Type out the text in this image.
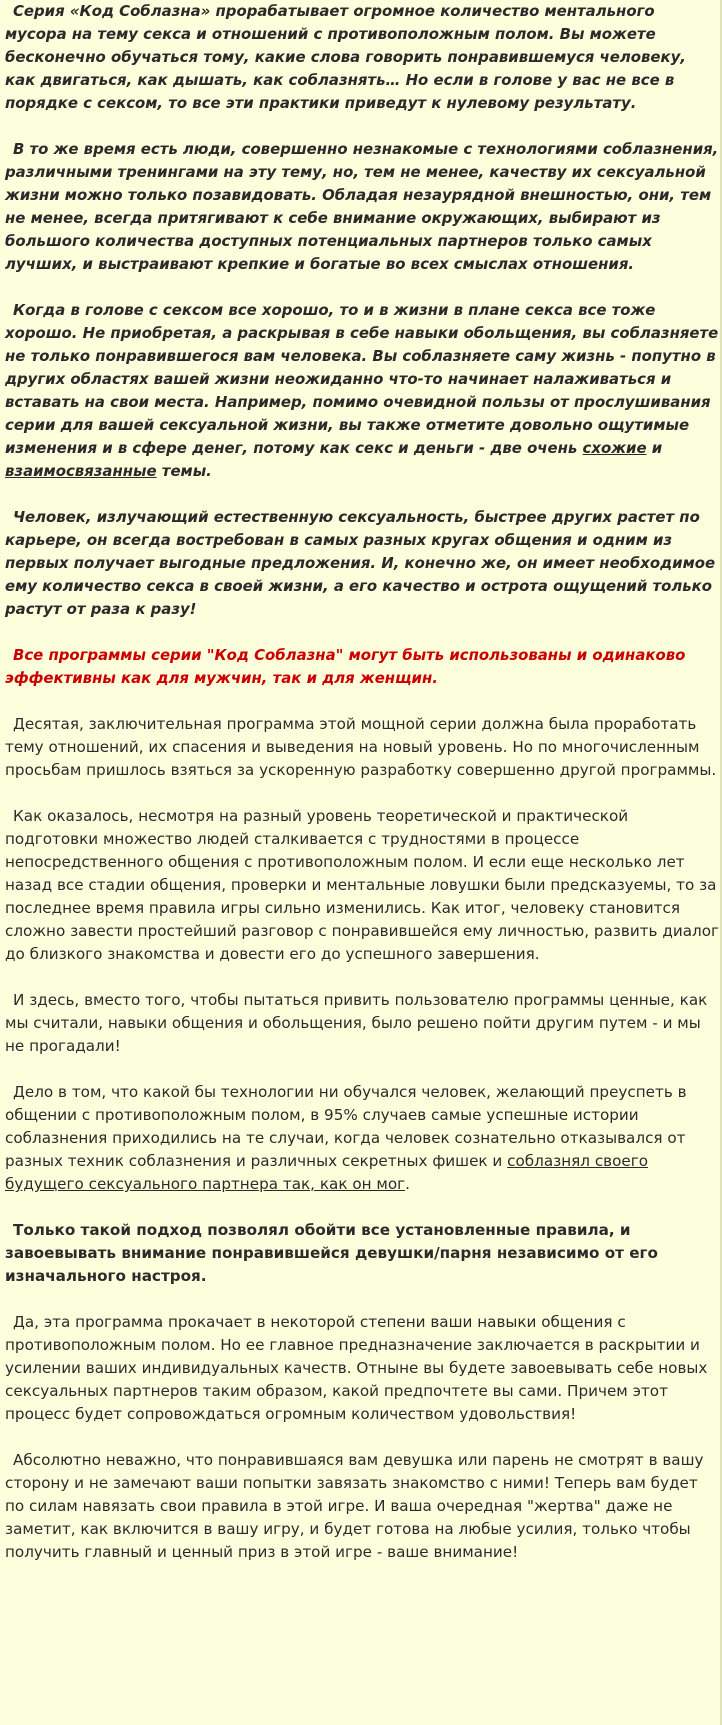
Серия «Код Соблазна» прорабатывает огромное количество ментального мусора на тему секса и отношений с противоположным полом. Вы можете бесконечно обучаться тому, какие слова говорить понравившемуся человеку, как двигаться, как дышать, как соблазнять… Но если в голове у вас не все в порядке с сексом, то все эти практики приведут к нулевому результату.

В то же время есть люди, совершенно незнакомые с технологиями соблазнения, различными тренингами на эту тему, но, тем не менее, качеству их сексуальной жизни можно только позавидовать. Обладая незаурядной внешностью, они, тем не менее, всегда притягивают к себе внимание окружающих, выбирают из большого количества доступных потенциальных партнеров только самых лучших, и выстраивают крепкие и богатые во всех смыслах отношения.

Когда в голове с сексом все хорошо, то и в жизни в плане секса все тоже хорошо. Не приобретая, а раскрывая в себе навыки обольщения, вы соблазняете не только понравившегося вам человека. Вы соблазняете саму жизнь - попутно в других областях вашей жизни неожиданно что-то начинает налаживаться и вставать на свои места. Например, помимо очевидной пользы от прослушивания серии для вашей сексуальной жизни, вы также отметите довольно ощутимые изменения и в сфере денег, потому как секс и деньги - две очень схожие и взаимосвязанные темы.

Человек, излучающий естественную сексуальность, быстрее других растет по карьере, он всегда востребован в самых разных кругах общения и одним из первых получает выгодные предложения. И, конечно же, он имеет необходимое ему количество секса в своей жизни, а его качество и острота ощущений только растут от раза к разу!

Все программы серии "Код Соблазна" могут быть использованы и одинаково эффективны как для мужчин, так и для женщин.

Десятая, заключительная программа этой мощной серии должна была проработать тему отношений, их спасения и выведения на новый уровень. Но по многочисленным просьбам пришлось взяться за ускоренную разработку совершенно другой программы.

Как оказалось, несмотря на разный уровень теоретической и практической подготовки множество людей сталкивается с трудностями в процессе непосредственного общения с противоположным полом. И если еще несколько лет назад все стадии общения, проверки и ментальные ловушки были предсказуемы, то за последнее время правила игры сильно изменились. Как итог, человеку становится сложно завести простейший разговор с понравившейся ему личностью, развить диалог до близкого знакомства и довести его до успешного завершения.

И здесь, вместо того, чтобы пытаться привить пользователю программы ценные, как мы считали, навыки общения и обольщения, было решено пойти другим путем - и мы не прогадали!

Дело в том, что какой бы технологии ни обучался человек, желающий преуспеть в общении с противоположным полом, в 95% случаев самые успешные истории соблазнения приходились на те случаи, когда человек сознательно отказывался от разных техник соблазнения и различных секретных фишек и соблазнял своего будущего сексуального партнера так, как он мог.

Только такой подход позволял обойти все установленные правила, и завоевывать внимание понравившейся девушки/парня независимо от его изначального настроя.

Да, эта программа прокачает в некоторой степени ваши навыки общения с противоположным полом. Но ее главное предназначение заключается в раскрытии и усилении ваших индивидуальных качеств. Отныне вы будете завоевывать себе новых сексуальных партнеров таким образом, какой предпочтете вы сами. Причем этот процесс будет сопровождаться огромным количеством удовольствия!

Абсолютно неважно, что понравившаяся вам девушка или парень не смотрят в вашу сторону и не замечают ваши попытки завязать знакомство с ними! Теперь вам будет по силам навязать свои правила в этой игре. И ваша очередная "жертва" даже не заметит, как включится в вашу игру, и будет готова на любые усилия, только чтобы получить главный и ценный приз в этой игре - ваше внимание!
